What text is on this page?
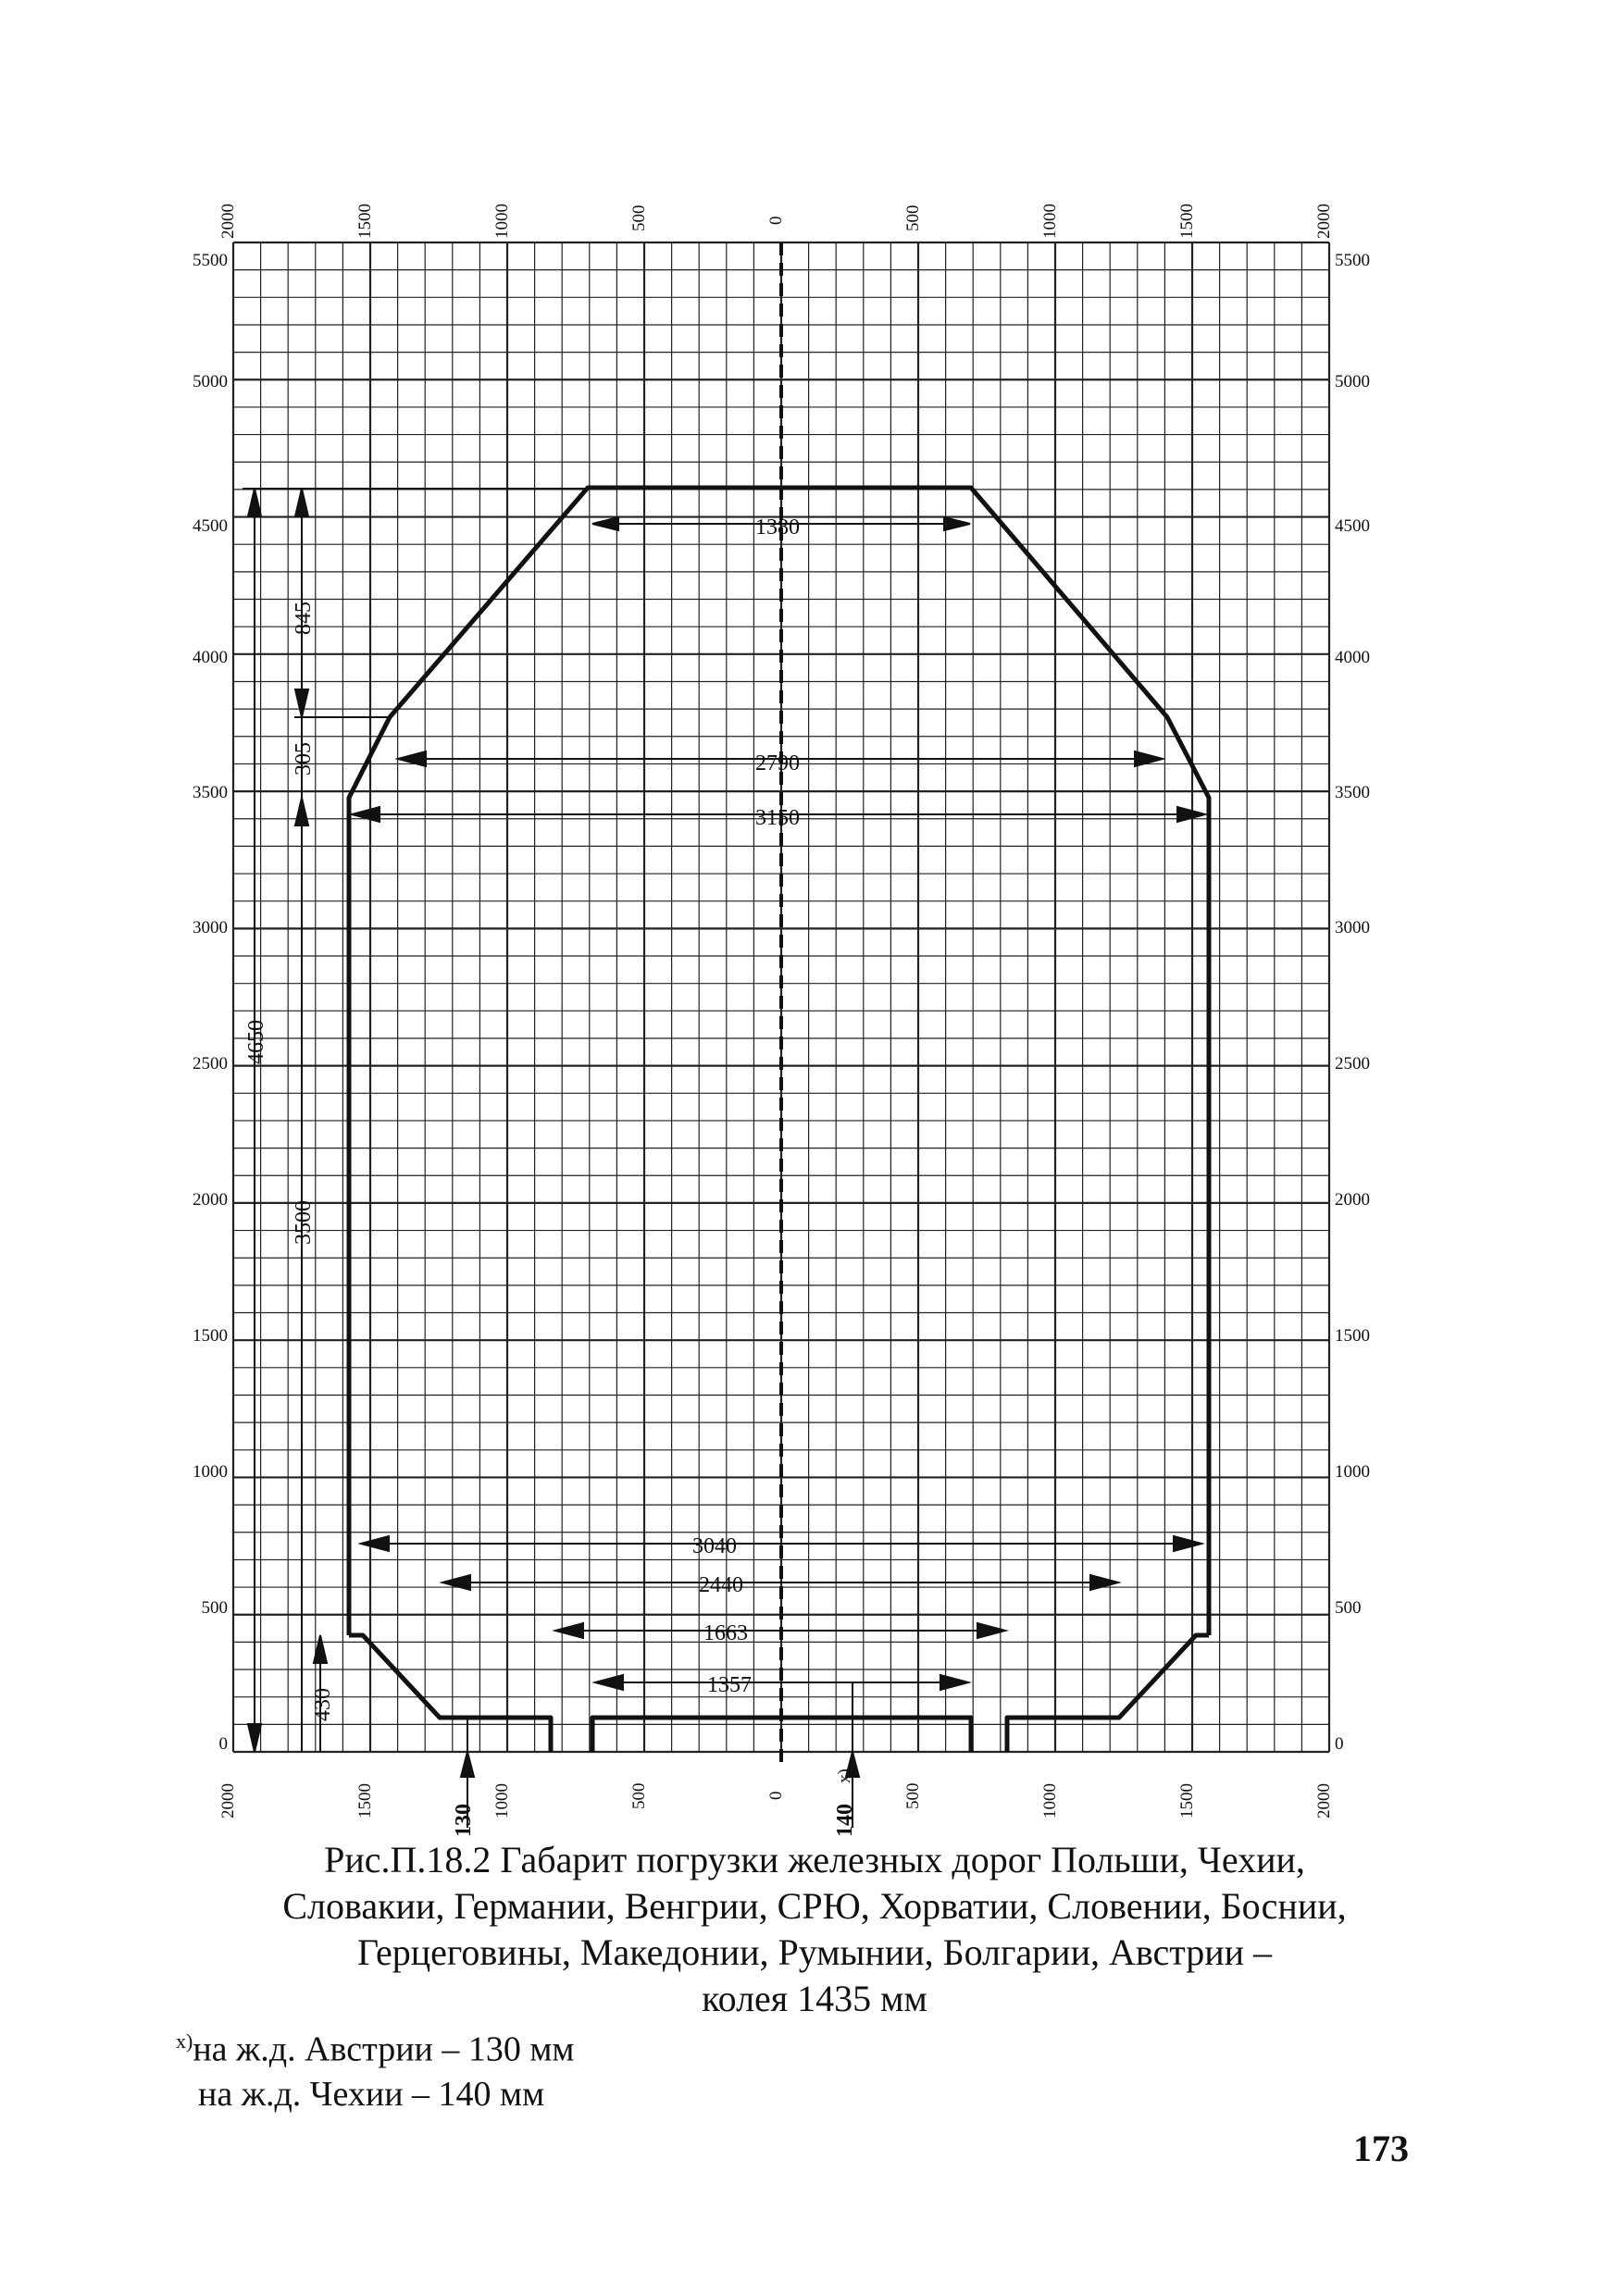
2000	1500	1000	500	0	500	1000	1500	2000
2000	1500	1000	500	0	500	1000	1500	2000
5500
5000
4500
4000
3500
3000
2500
2000
1500
1000
500
0
5500
5000
4500
4000
3500
3000
2500
2000
1500
1000
500
0
1380
2790
3150
3040
2440
1663
1357
4650
3500
845
305
430
130	140
x)
Рис.П.18.2 Габарит погрузки железных дорог Польши, Чехии,
Словакии, Германии, Венгрии, СРЮ, Хорватии, Словении, Боснии,
Герцеговины, Македонии, Румынии, Болгарии, Австрии –
колея 1435 мм
$^{x)}$на ж.д. Австрии – 130 мм
на ж.д. Чехии – 140 мм
173
